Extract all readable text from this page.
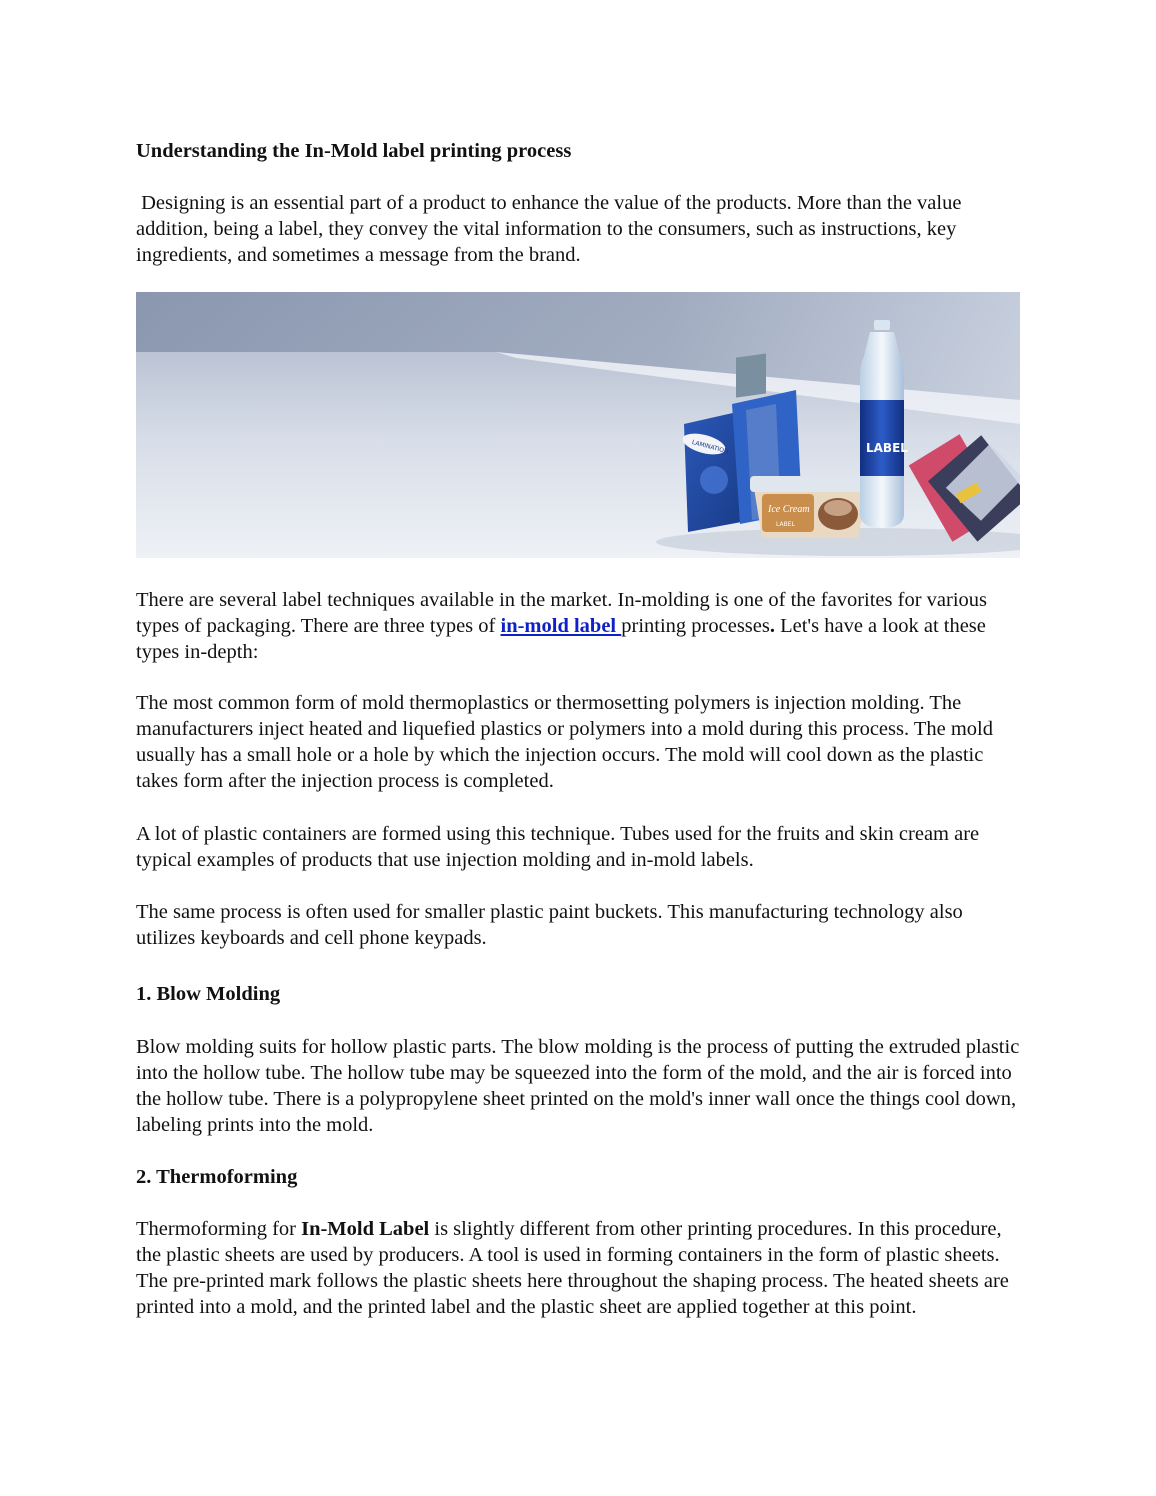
Understanding the In-Mold label printing process

Designing is an essential part of a product to enhance the value of the products. More than the value addition, being a label, they convey the vital information to the consumers, such as instructions, key ingredients, and sometimes a message from the brand.

LAMINATION
Ice Cream
LABEL
LABEL

There are several label techniques available in the market. In-molding is one of the favorites for various types of packaging. There are three types of in-mold label printing processes. Let's have a look at these types in-depth:

The most common form of mold thermoplastics or thermosetting polymers is injection molding. The manufacturers inject heated and liquefied plastics or polymers into a mold during this process. The mold usually has a small hole or a hole by which the injection occurs. The mold will cool down as the plastic takes form after the injection process is completed.

A lot of plastic containers are formed using this technique. Tubes used for the fruits and skin cream are typical examples of products that use injection molding and in-mold labels.

The same process is often used for smaller plastic paint buckets. This manufacturing technology also utilizes keyboards and cell phone keypads.

1. Blow Molding

Blow molding suits for hollow plastic parts. The blow molding is the process of putting the extruded plastic into the hollow tube. The hollow tube may be squeezed into the form of the mold, and the air is forced into the hollow tube. There is a polypropylene sheet printed on the mold's inner wall once the things cool down, labeling prints into the mold.

2. Thermoforming

Thermoforming for In-Mold Label is slightly different from other printing procedures. In this procedure, the plastic sheets are used by producers. A tool is used in forming containers in the form of plastic sheets. The pre-printed mark follows the plastic sheets here throughout the shaping process. The heated sheets are printed into a mold, and the printed label and the plastic sheet are applied together at this point.
